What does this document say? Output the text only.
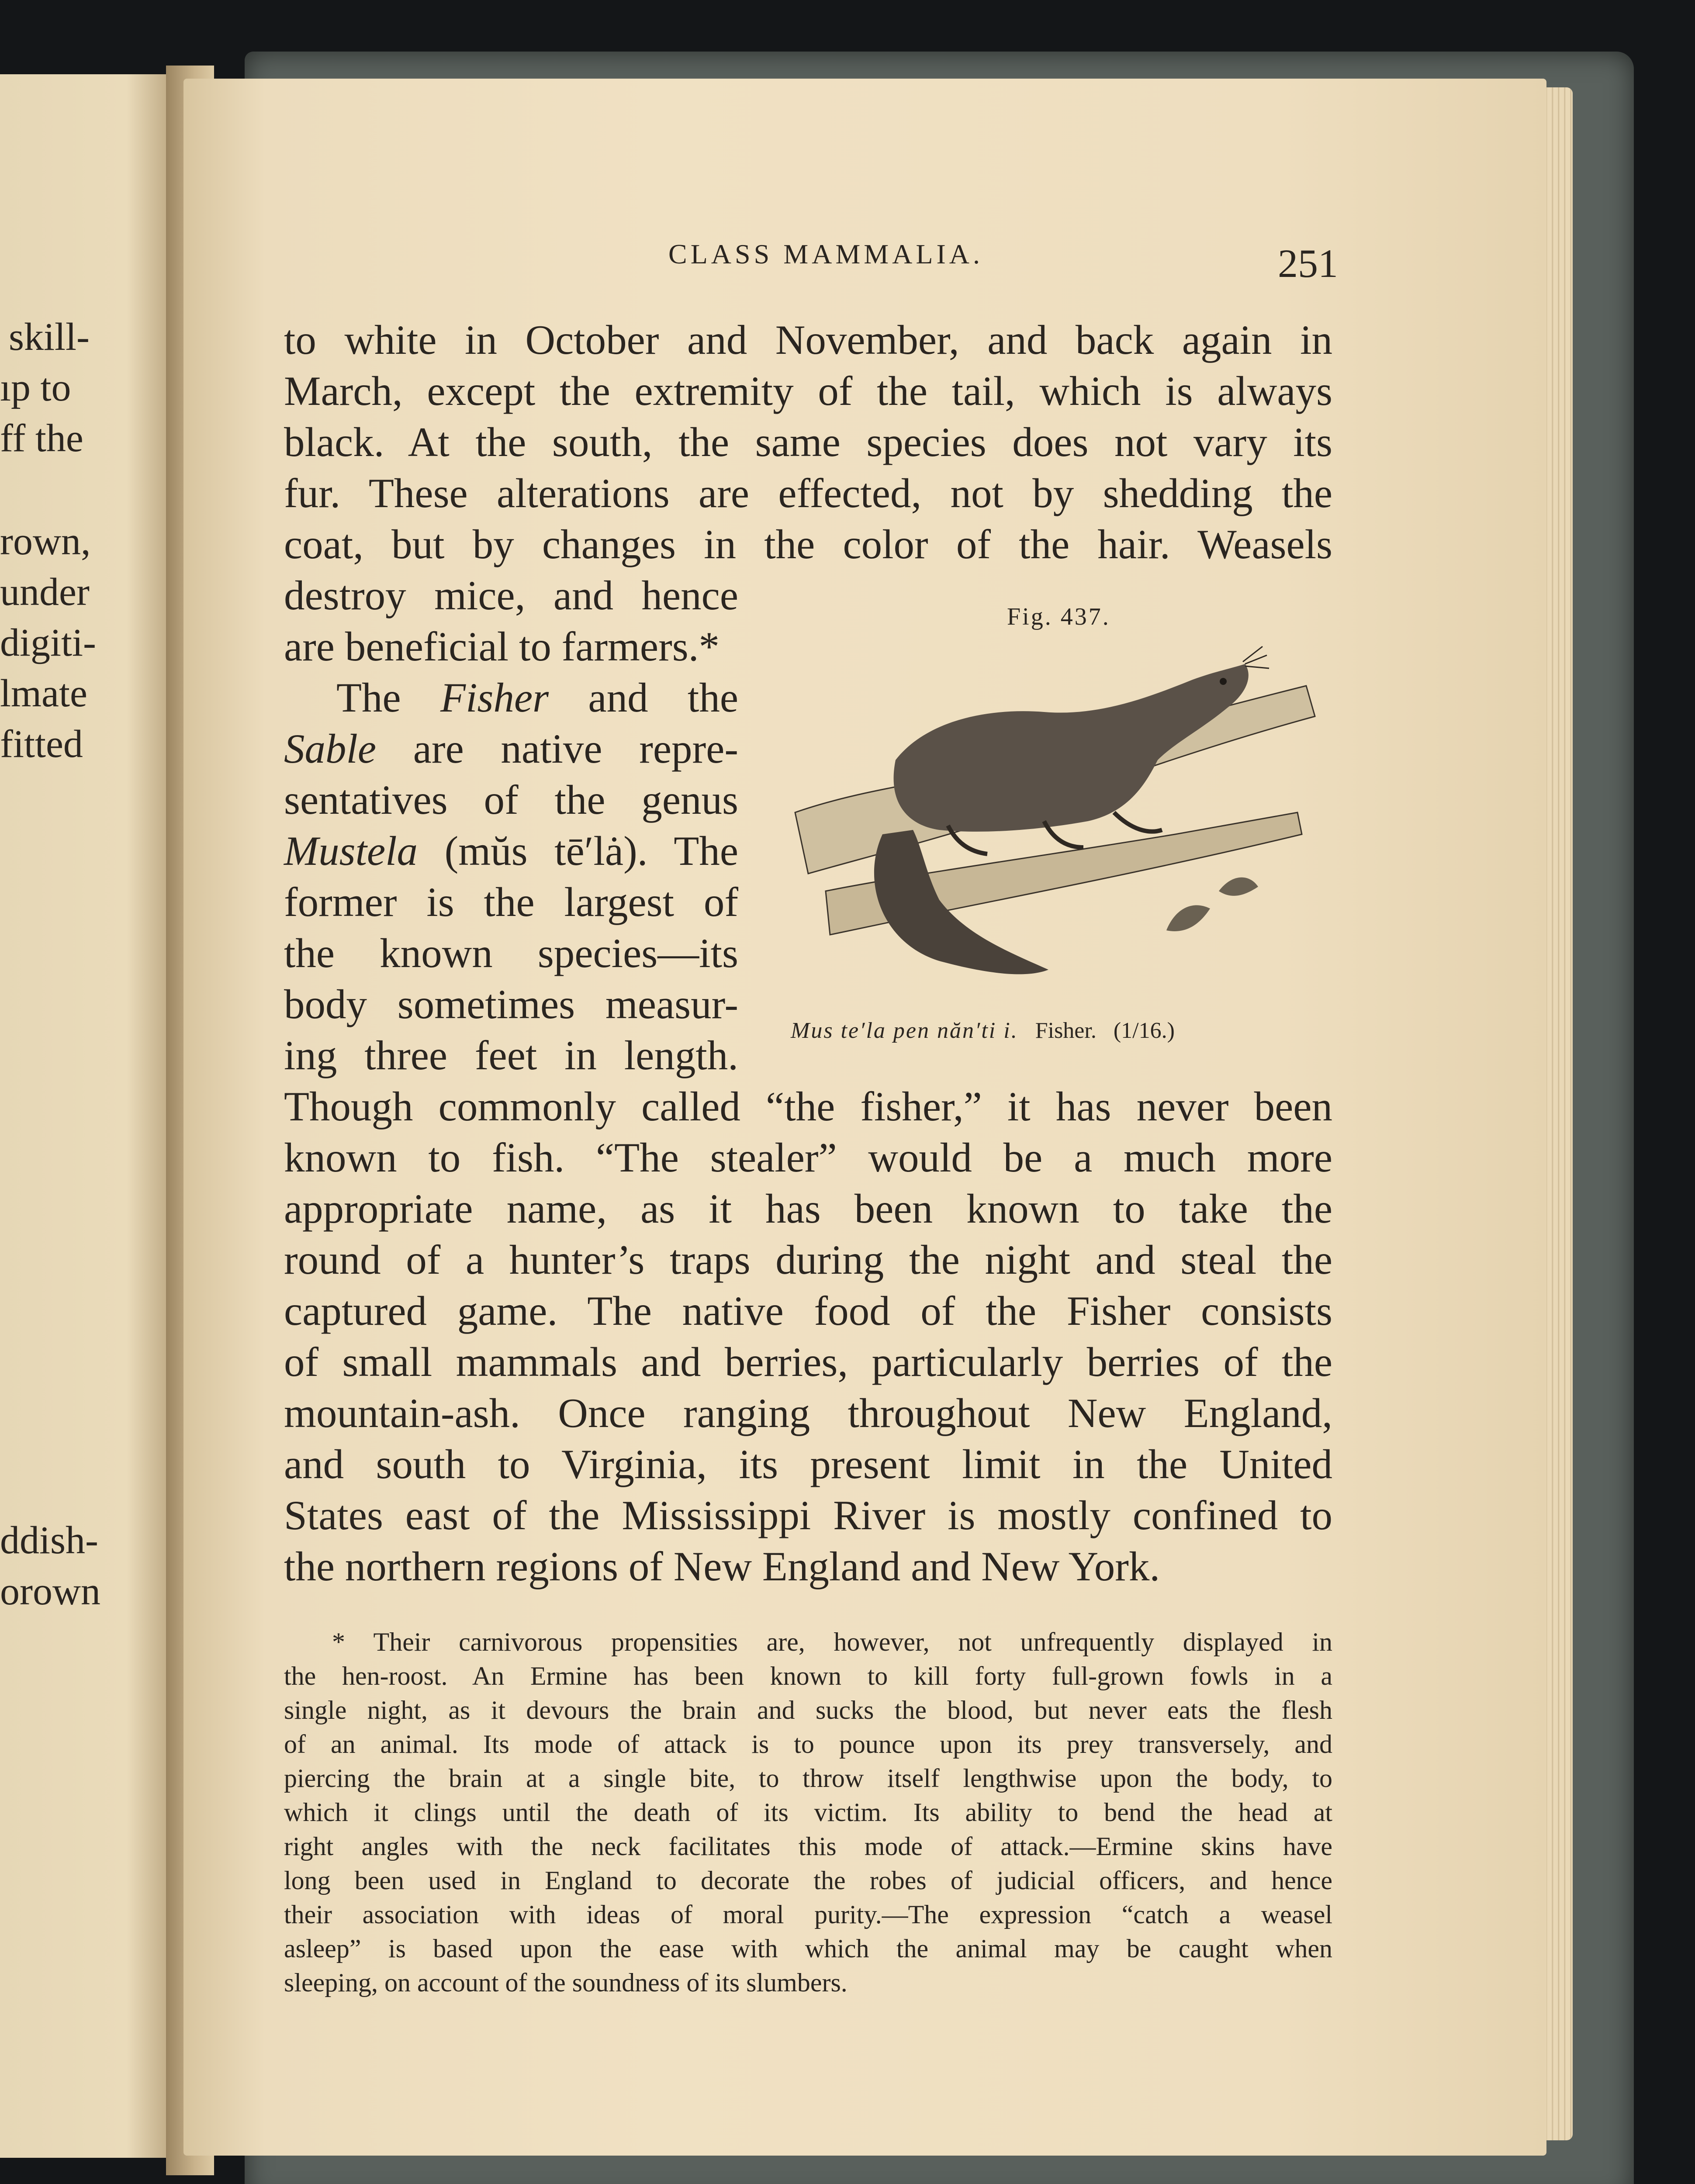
skill-

ıp to

ff the

rown,

under

digiti-

lmate

fitted

ddish-

orown

CLASS MAMMALIA.	251

to white in October and November, and back again in

March, except the extremity of the tail, which is always

black. At the south, the same species does not vary its

fur. These alterations are effected, not by shedding the

coat, but by changes in the color of the hair. Weasels

destroy mice, and hence

are beneficial to farmers.*

The Fisher and the

Sable are native repre-

sentatives of the genus

Mustela (mŭs tē′lȧ). The

former is the largest of

the known species—its

body sometimes measur-

ing three feet in length.

Though commonly called “the fisher,” it has never been

known to fish. “The stealer” would be a much more

appropriate name, as it has been known to take the

round of a hunter’s traps during the night and steal the

captured game. The native food of the Fisher consists

of small mammals and berries, particularly berries of the

mountain-ash. Once ranging throughout New England,

and south to Virginia, its present limit in the United

States east of the Mississippi River is mostly confined to

the northern regions of New England and New York.

Fig. 437.

Mus te′la pen năn′ti i. Fisher. (1/16.)

* Their carnivorous propensities are, however, not unfrequently displayed in

the hen-roost. An Ermine has been known to kill forty full-grown fowls in a

single night, as it devours the brain and sucks the blood, but never eats the flesh

of an animal. Its mode of attack is to pounce upon its prey transversely, and

piercing the brain at a single bite, to throw itself lengthwise upon the body, to

which it clings until the death of its victim. Its ability to bend the head at

right angles with the neck facilitates this mode of attack.—Ermine skins have

long been used in England to decorate the robes of judicial officers, and hence

their association with ideas of moral purity.—The expression “catch a weasel

asleep” is based upon the ease with which the animal may be caught when

sleeping, on account of the soundness of its slumbers.
